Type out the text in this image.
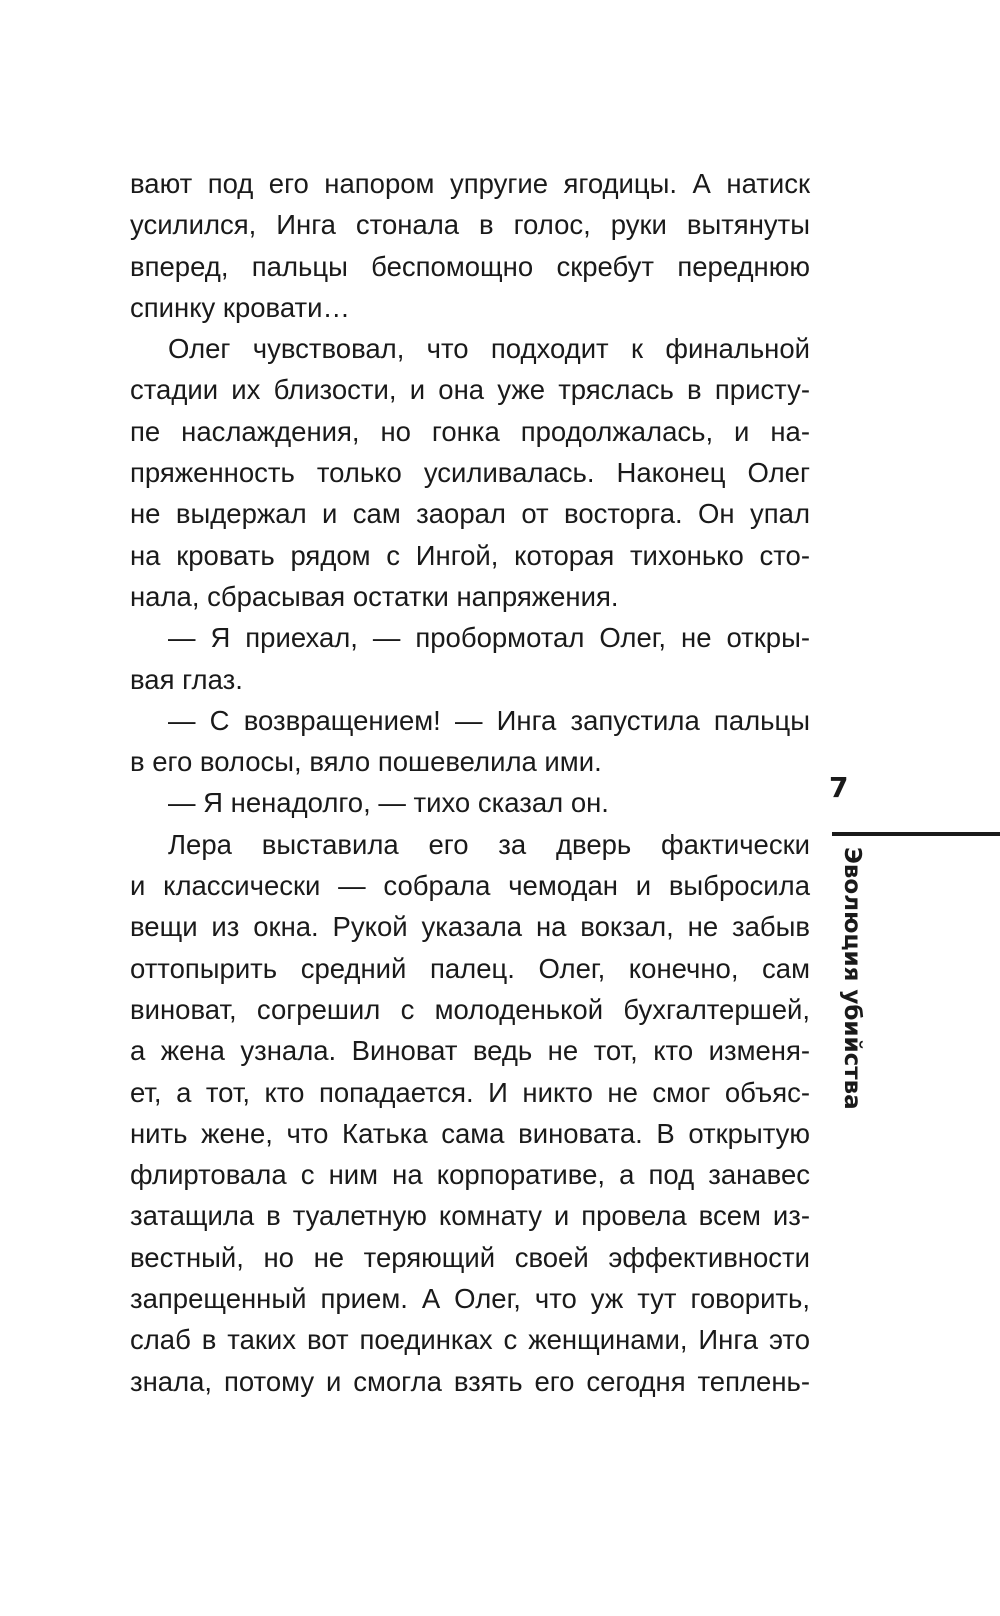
вают под его напором упругие ягодицы. А натиск
усилился, Инга стонала в голос, руки вытянуты
вперед, пальцы беспомощно скребут переднюю
спинку кровати…
Олег чувствовал, что подходит к финальной
стадии их близости, и она уже тряслась в присту-
пе наслаждения, но гонка продолжалась, и на-
пряженность только усиливалась. Наконец Олег
не выдержал и сам заорал от восторга. Он упал
на кровать рядом с Ингой, которая тихонько сто-
нала, сбрасывая остатки напряжения.
— Я приехал, — пробормотал Олег, не откры-
вая глаз.
— С возвращением! — Инга запустила пальцы
в его волосы, вяло пошевелила ими.
— Я ненадолго, — тихо сказал он.
Лера выставила его за дверь фактически
и классически — собрала чемодан и выбросила
вещи из окна. Рукой указала на вокзал, не забыв
оттопырить средний палец. Олег, конечно, сам
виноват, согрешил с молоденькой бухгалтершей,
а жена узнала. Виноват ведь не тот, кто изменя-
ет, а тот, кто попадается. И никто не смог объяс-
нить жене, что Катька сама виновата. В открытую
флиртовала с ним на корпоративе, а под занавес
затащила в туалетную комнату и провела всем из-
вестный, но не теряющий своей эффективности
запрещенный прием. А Олег, что уж тут говорить,
слаб в таких вот поединках с женщинами, Инга это
знала, потому и смогла взять его сегодня теплень-
7
Эволюция убийства
